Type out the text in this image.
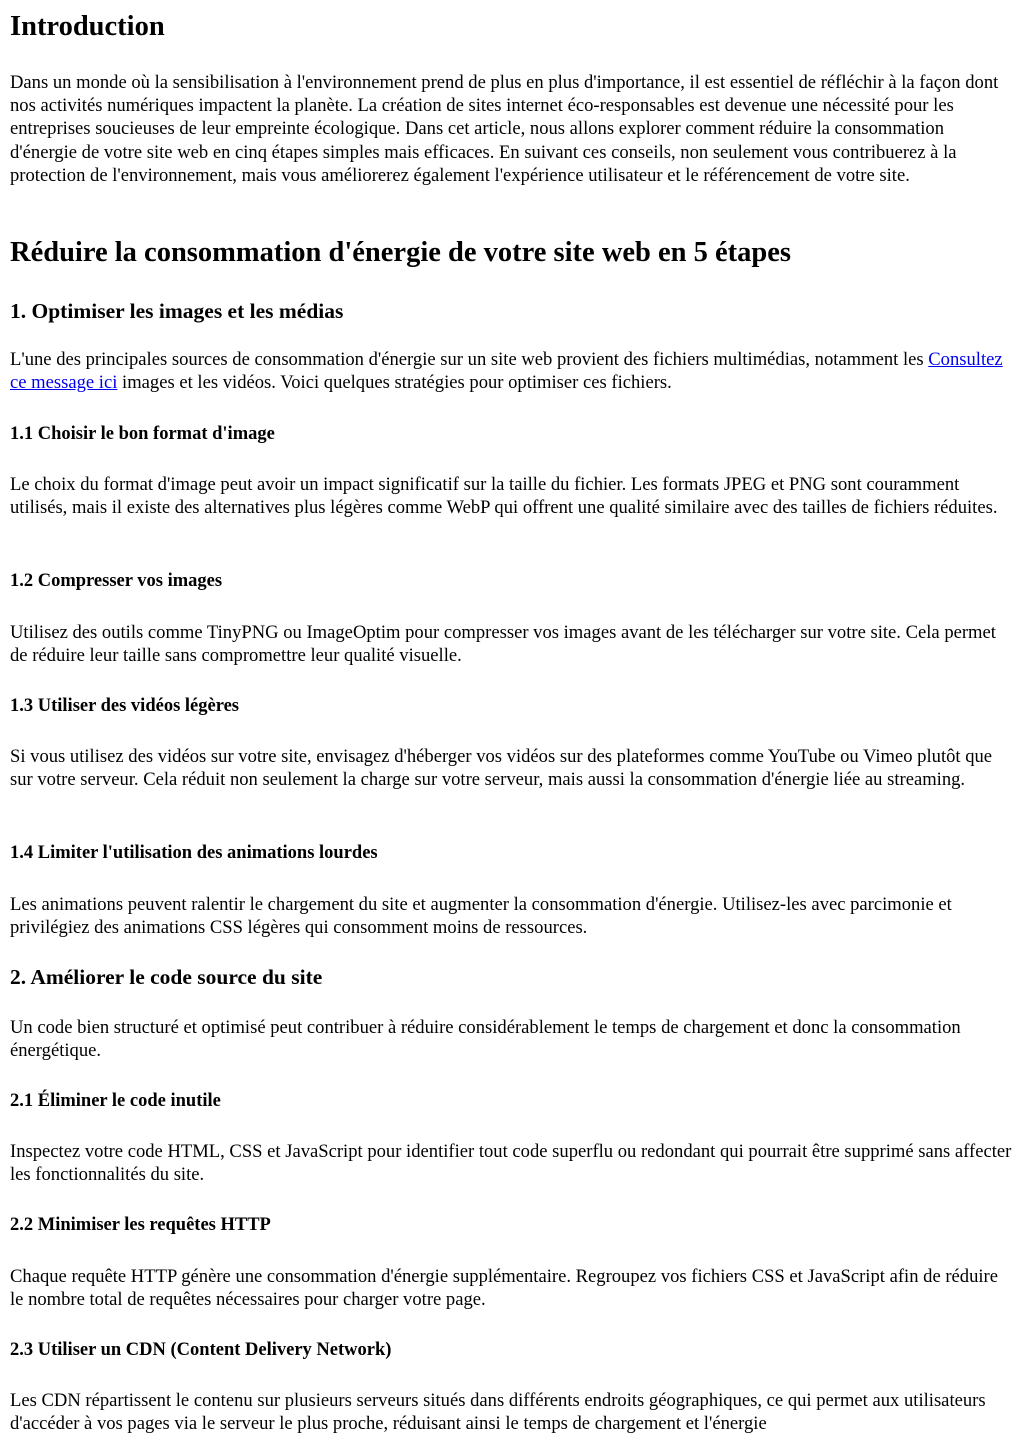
Introduction

Dans un monde où la sensibilisation à l'environnement prend de plus en plus d'importance, il est essentiel de réfléchir à la façon dont nos activités numériques impactent la planète. La création de sites internet éco-responsables est devenue une nécessité pour les entreprises soucieuses de leur empreinte écologique. Dans cet article, nous allons explorer comment réduire la consommation d'énergie de votre site web en cinq étapes simples mais efficaces. En suivant ces conseils, non seulement vous contribuerez à la protection de l'environnement, mais vous améliorerez également l'expérience utilisateur et le référencement de votre site.

Réduire la consommation d'énergie de votre site web en 5 étapes
1. Optimiser les images et les médias

L'une des principales sources de consommation d'énergie sur un site web provient des fichiers multimédias, notamment les Consultez ce message ici images et les vidéos. Voici quelques stratégies pour optimiser ces fichiers.

1.1 Choisir le bon format d'image

Le choix du format d'image peut avoir un impact significatif sur la taille du fichier. Les formats JPEG et PNG sont couramment utilisés, mais il existe des alternatives plus légères comme WebP qui offrent une qualité similaire avec des tailles de fichiers réduites.

1.2 Compresser vos images

Utilisez des outils comme TinyPNG ou ImageOptim pour compresser vos images avant de les télécharger sur votre site. Cela permet de réduire leur taille sans compromettre leur qualité visuelle.

1.3 Utiliser des vidéos légères

Si vous utilisez des vidéos sur votre site, envisagez d'héberger vos vidéos sur des plateformes comme YouTube ou Vimeo plutôt que sur votre serveur. Cela réduit non seulement la charge sur votre serveur, mais aussi la consommation d'énergie liée au streaming.

1.4 Limiter l'utilisation des animations lourdes

Les animations peuvent ralentir le chargement du site et augmenter la consommation d'énergie. Utilisez-les avec parcimonie et privilégiez des animations CSS légères qui consomment moins de ressources.

2. Améliorer le code source du site

Un code bien structuré et optimisé peut contribuer à réduire considérablement le temps de chargement et donc la consommation énergétique.

2.1 Éliminer le code inutile

Inspectez votre code HTML, CSS et JavaScript pour identifier tout code superflu ou redondant qui pourrait être supprimé sans affecter les fonctionnalités du site.

2.2 Minimiser les requêtes HTTP

Chaque requête HTTP génère une consommation d'énergie supplémentaire. Regroupez vos fichiers CSS et JavaScript afin de réduire le nombre total de requêtes nécessaires pour charger votre page.

2.3 Utiliser un CDN (Content Delivery Network)

Les CDN répartissent le contenu sur plusieurs serveurs situés dans différents endroits géographiques, ce qui permet aux utilisateurs d'accéder à vos pages via le serveur le plus proche, réduisant ainsi le temps de chargement et l'énergie
